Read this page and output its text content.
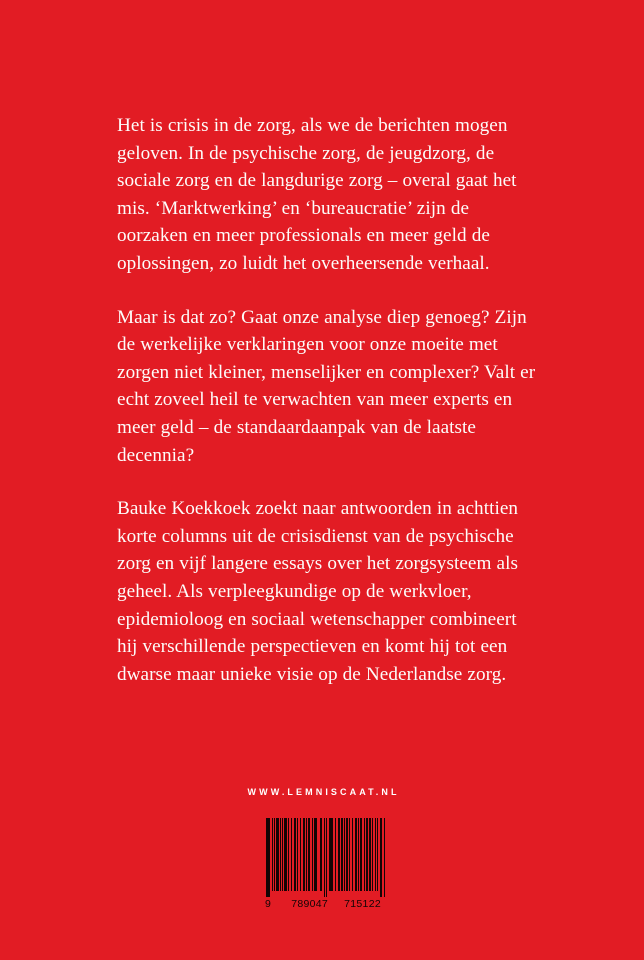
Het is crisis in de zorg, als we de berichten mogen geloven. In de psychische zorg, de jeugdzorg, de sociale zorg en de langdurige zorg – overal gaat het mis. ‘Marktwerking’ en ‘bureaucratie’ zijn de oorzaken en meer professionals en meer geld de oplossingen, zo luidt het overheersende verhaal.

Maar is dat zo? Gaat onze analyse diep genoeg? Zijn de werkelijke verklaringen voor onze moeite met zorgen niet kleiner, menselijker en complexer? Valt er echt zoveel heil te verwachten van meer experts en meer geld – de standaardaanpak van de laatste decennia?

Bauke Koekkoek zoekt naar antwoorden in achttien korte columns uit de crisisdienst van de psychische zorg en vijf langere essays over het zorgsysteem als geheel. Als verpleegkundige op de werkvloer, epidemioloog en sociaal wetenschapper combineert hij verschillende perspectieven en komt hij tot een dwarse maar unieke visie op de Nederlandse zorg.

WWW.LEMNISCAAT.NL
9 789047 715122
